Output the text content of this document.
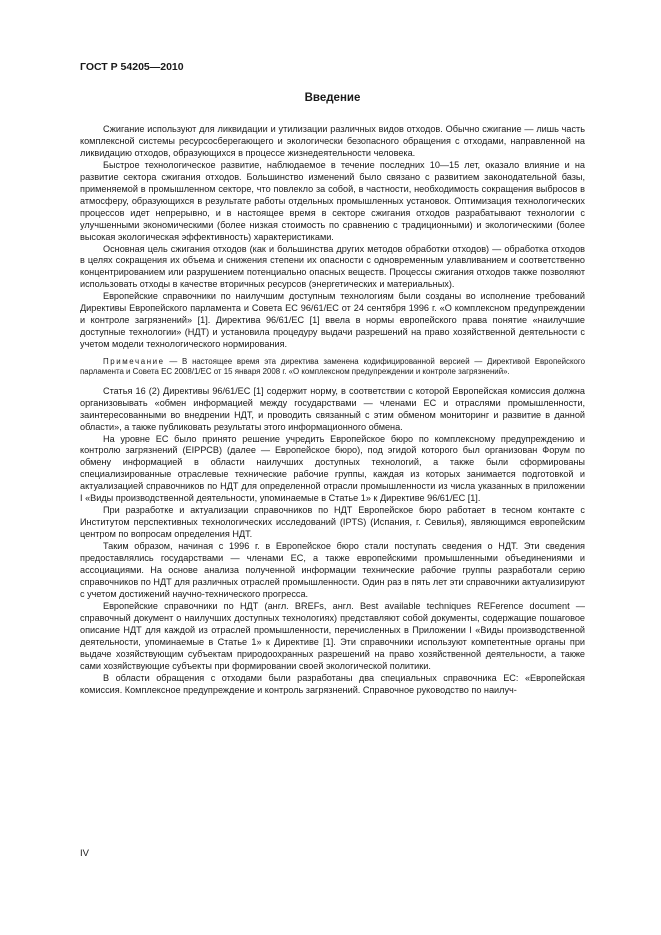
ГОСТ Р 54205—2010
Введение

Сжигание используют для ликвидации и утилизации различных видов отходов. Обычно сжигание — лишь часть комплексной системы ресурсосберегающего и экологически безопасного обращения с отходами, направленной на ликвидацию отходов, образующихся в процессе жизнедеятельности человека.

Быстрое технологическое развитие, наблюдаемое в течение последних 10—15 лет, оказало влияние и на развитие сектора сжигания отходов. Большинство изменений было связано с развитием законодательной базы, применяемой в промышленном секторе, что повлекло за собой, в частности, необходимость сокращения выбросов в атмосферу, образующихся в результате работы отдельных промышленных установок. Оптимизация технологических процессов идет непрерывно, и в настоящее время в секторе сжигания отходов разрабатывают технологии с улучшенными экономическими (более низкая стоимость по сравнению с традиционными) и экологическими (более высокая экологическая эффективность) характеристиками.

Основная цель сжигания отходов (как и большинства других методов обработки отходов) — обработка отходов в целях сокращения их объема и снижения степени их опасности с одновременным улавливанием и соответственно концентрированием или разрушением потенциально опасных веществ. Процессы сжигания отходов также позволяют использовать отходы в качестве вторичных ресурсов (энергетических и материальных).

Европейские справочники по наилучшим доступным технологиям были созданы во исполнение требований Директивы Европейского парламента и Совета ЕС 96/61/ЕС от 24 сентября 1996 г. «О комплексном предупреждении и контроле загрязнений» [1]. Директива 96/61/ЕС [1] ввела в нормы европейского права понятие «наилучшие доступные технологии» (НДТ) и установила процедуру выдачи разрешений на право хозяйственной деятельности с учетом модели технологического нормирования.

Примечание — В настоящее время эта директива заменена кодифицированной версией — Директивой Европейского парламента и Совета ЕС 2008/1/ЕС от 15 января 2008 г. «О комплексном предупреждении и контроле загрязнений».

Статья 16 (2) Директивы 96/61/ЕС [1] содержит норму, в соответствии с которой Европейская комиссия должна организовывать «обмен информацией между государствами — членами ЕС и отраслями промышленности, заинтересованными во внедрении НДТ, и проводить связанный с этим обменом мониторинг и развитие в данной области», а также публиковать результаты этого информационного обмена.

На уровне ЕС было принято решение учредить Европейское бюро по комплексному предупреждению и контролю загрязнений (EIPPCB) (далее — Европейское бюро), под эгидой которого был организован Форум по обмену информацией в области наилучших доступных технологий, а также были сформированы специализированные отраслевые технические рабочие группы, каждая из которых занимается подготовкой и актуализацией справочников по НДТ для определенной отрасли промышленности из числа указанных в приложении I «Виды производственной деятельности, упоминаемые в Статье 1» к Директиве 96/61/ЕС [1].

При разработке и актуализации справочников по НДТ Европейское бюро работает в тесном контакте с Институтом перспективных технологических исследований (IPTS) (Испания, г. Севилья), являющимся европейским центром по вопросам определения НДТ.

Таким образом, начиная с 1996 г. в Европейское бюро стали поступать сведения о НДТ. Эти сведения предоставлялись государствами — членами ЕС, а также европейскими промышленными объединениями и ассоциациями. На основе анализа полученной информации технические рабочие группы разработали серию справочников по НДТ для различных отраслей промышленности. Один раз в пять лет эти справочники актуализируют с учетом достижений научно-технического прогресса.

Европейские справочники по НДТ (англ. BREFs, англ. Best available techniques REFerence document — справочный документ о наилучших доступных технологиях) представляют собой документы, содержащие пошаговое описание НДТ для каждой из отраслей промышленности, перечисленных в Приложении I «Виды производственной деятельности, упоминаемые в Статье 1» к Директиве [1]. Эти справочники используют компетентные органы при выдаче хозяйствующим субъектам природоохранных разрешений на право хозяйственной деятельности, а также сами хозяйствующие субъекты при формировании своей экологической политики.

В области обращения с отходами были разработаны два специальных справочника ЕС: «Европейская комиссия. Комплексное предупреждение и контроль загрязнений. Справочное руководство по наилуч-

IV
